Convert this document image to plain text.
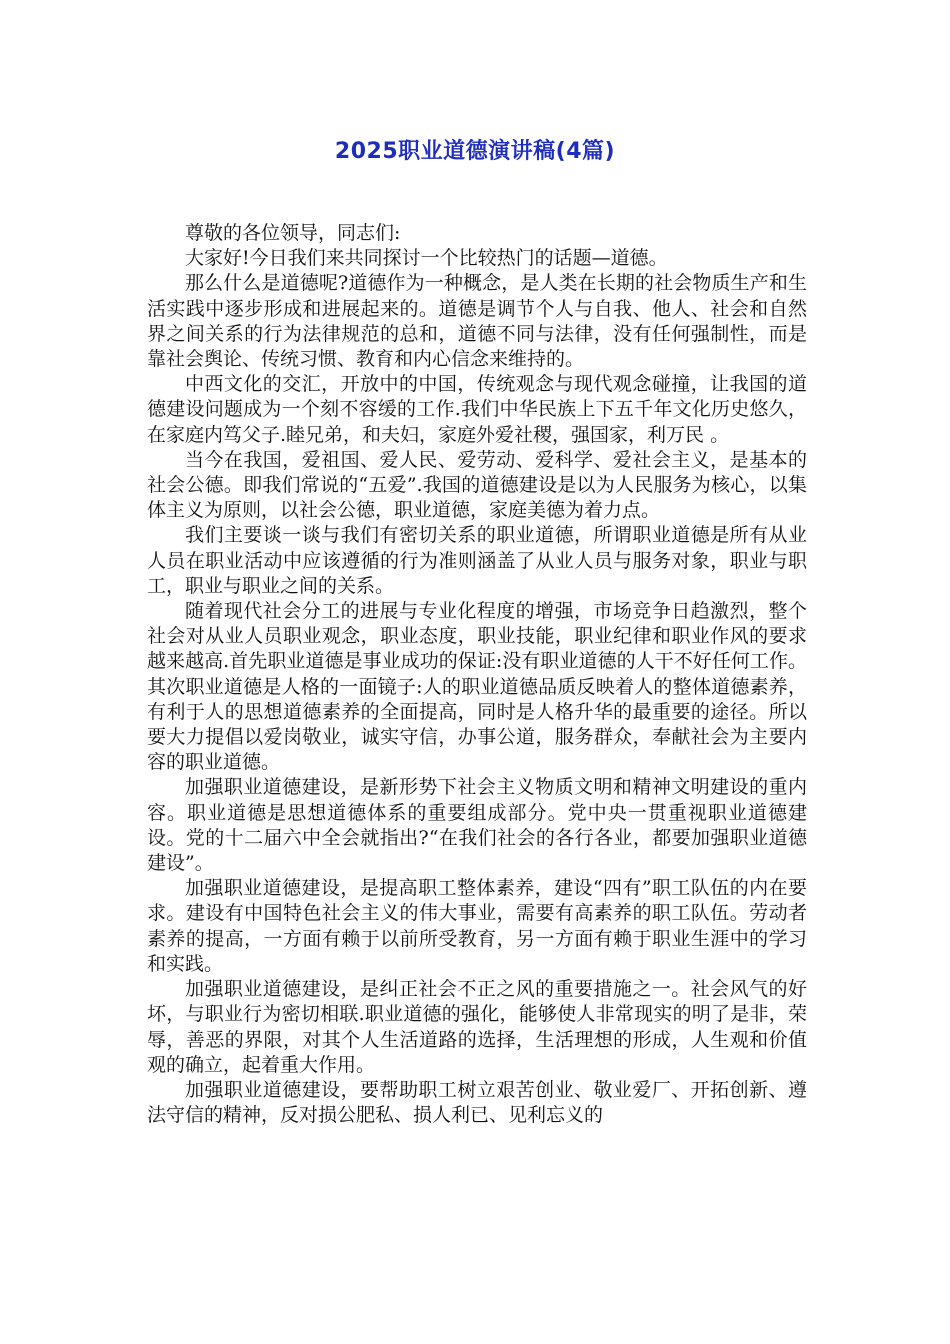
2025职业道德演讲稿(4篇)

尊敬的各位领导，同志们:

大家好!今日我们来共同探讨一个比较热门的话题—道德。

那么什么是道德呢?道德作为一种概念，是人类在长期的社会物质生产和生活实践中逐步形成和进展起来的。道德是调节个人与自我、他人、社会和自然界之间关系的行为法律规范的总和，道德不同与法律，没有任何强制性，而是靠社会舆论、传统习惯、教育和内心信念来维持的。

中西文化的交汇，开放中的中国，传统观念与现代观念碰撞，让我国的道德建设问题成为一个刻不容缓的工作.我们中华民族上下五千年文化历史悠久，在家庭内笃父子.睦兄弟，和夫妇，家庭外爱社稷，强国家，利万民 。

当今在我国，爱祖国、爱人民、爱劳动、爱科学、爱社会主义，是基本的社会公德。即我们常说的“五爱”.我国的道德建设是以为人民服务为核心，以集体主义为原则，以社会公德，职业道德，家庭美德为着力点。

我们主要谈一谈与我们有密切关系的职业道德，所谓职业道德是所有从业人员在职业活动中应该遵循的行为准则涵盖了从业人员与服务对象，职业与职工，职业与职业之间的关系。

随着现代社会分工的进展与专业化程度的增强，市场竞争日趋激烈，整个社会对从业人员职业观念，职业态度，职业技能，职业纪律和职业作风的要求越来越高.首先职业道德是事业成功的保证:没有职业道德的人干不好任何工作。其次职业道德是人格的一面镜子:人的职业道德品质反映着人的整体道德素养，有利于人的思想道德素养的全面提高，同时是人格升华的最重要的途径。所以要大力提倡以爱岗敬业，诚实守信，办事公道，服务群众，奉献社会为主要内容的职业道德。

加强职业道德建设，是新形势下社会主义物质文明和精神文明建设的重内容。职业道德是思想道德体系的重要组成部分。党中央一贯重视职业道德建设。党的十二届六中全会就指出?“在我们社会的各行各业，都要加强职业道德建设”。

加强职业道德建设，是提高职工整体素养，建设“四有”职工队伍的内在要求。建设有中国特色社会主义的伟大事业，需要有高素养的职工队伍。劳动者素养的提高，一方面有赖于以前所受教育，另一方面有赖于职业生涯中的学习和实践。

加强职业道德建设，是纠正社会不正之风的重要措施之一。社会风气的好坏，与职业行为密切相联.职业道德的强化，能够使人非常现实的明了是非，荣辱，善恶的界限，对其个人生活道路的选择，生活理想的形成，人生观和价值观的确立，起着重大作用。

加强职业道德建设，要帮助职工树立艰苦创业、敬业爱厂、开拓创新、遵法守信的精神，反对损公肥私、损人利已、见利忘义的
